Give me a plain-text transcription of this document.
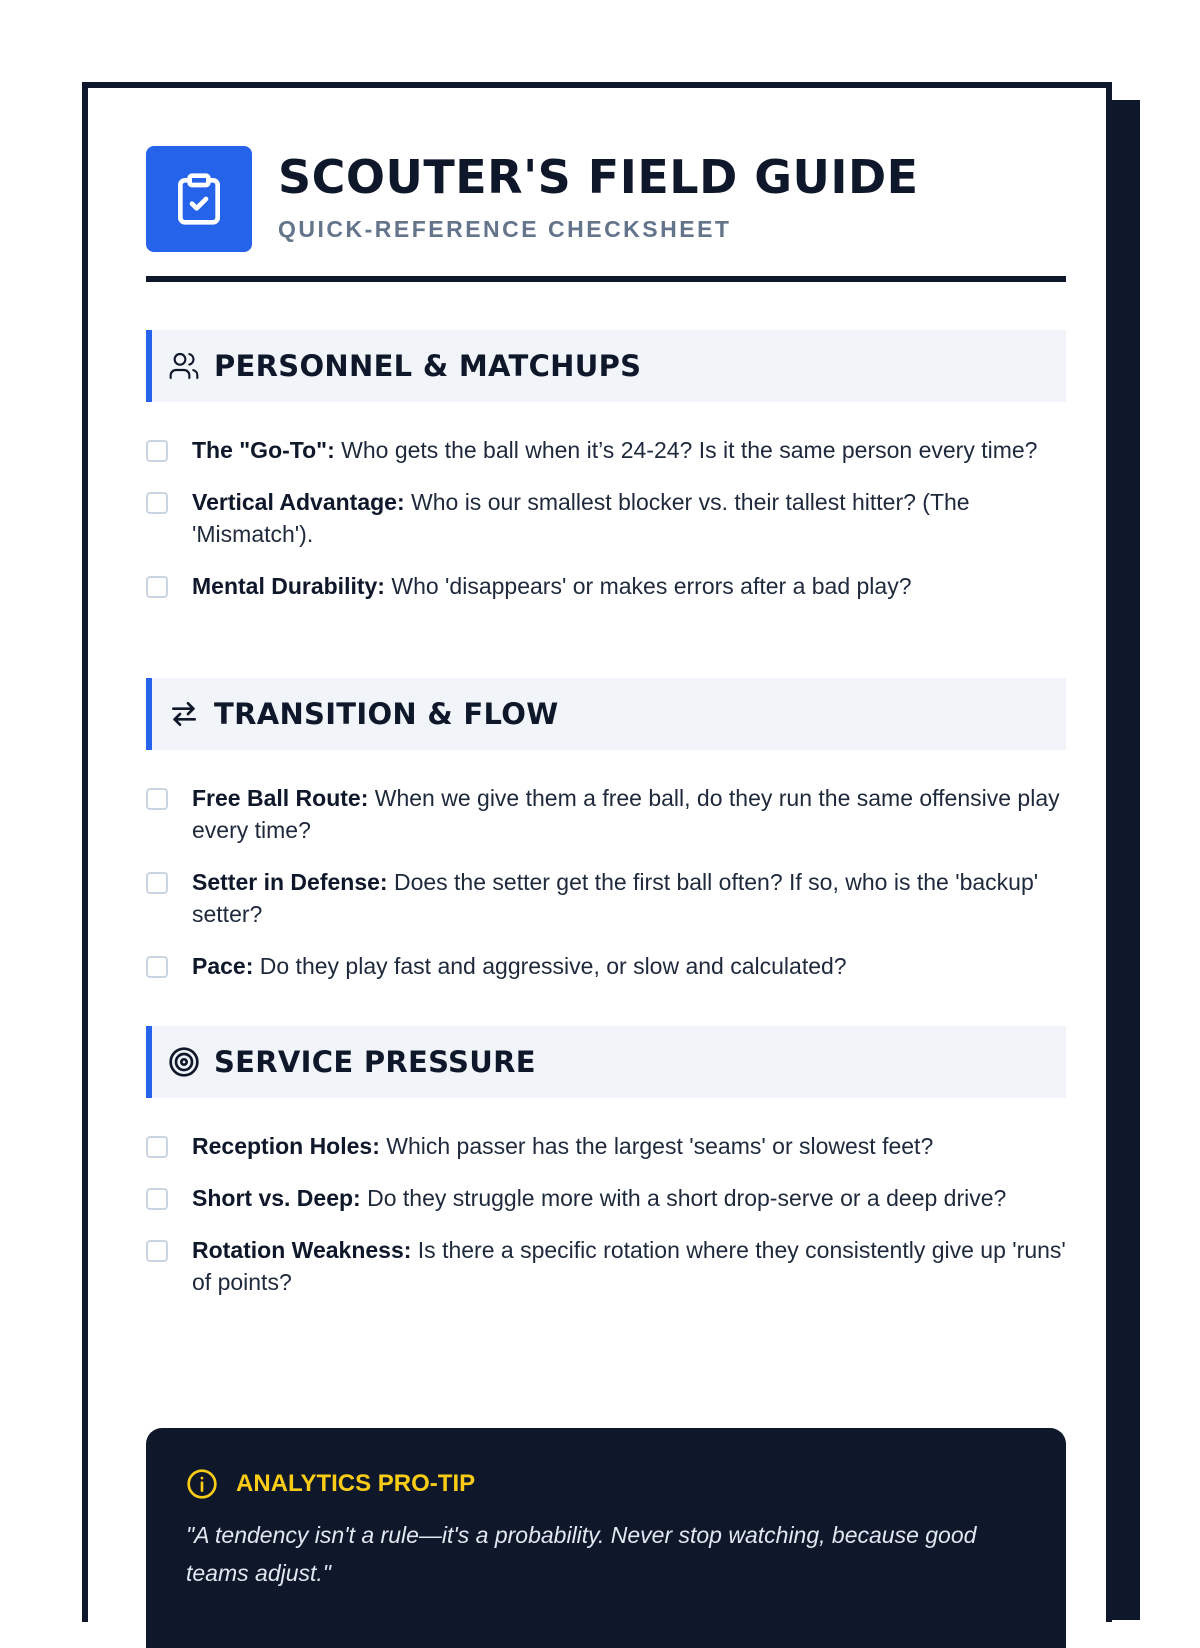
SCOUTER'S FIELD GUIDE
QUICK-REFERENCE CHECKSHEET
PERSONNEL & MATCHUPS
The "Go-To": Who gets the ball when it’s 24-24? Is it the same person every time?
Vertical Advantage: Who is our smallest blocker vs. their tallest hitter? (The 'Mismatch').
Mental Durability: Who 'disappears' or makes errors after a bad play?
TRANSITION & FLOW
Free Ball Route: When we give them a free ball, do they run the same offensive play every time?
Setter in Defense: Does the setter get the first ball often? If so, who is the 'backup' setter?
Pace: Do they play fast and aggressive, or slow and calculated?
SERVICE PRESSURE
Reception Holes: Which passer has the largest 'seams' or slowest feet?
Short vs. Deep: Do they struggle more with a short drop-serve or a deep drive?
Rotation Weakness: Is there a specific rotation where they consistently give up 'runs' of points?
ANALYTICS PRO-TIP
"A tendency isn't a rule—it's a probability. Never stop watching, because good teams adjust."
